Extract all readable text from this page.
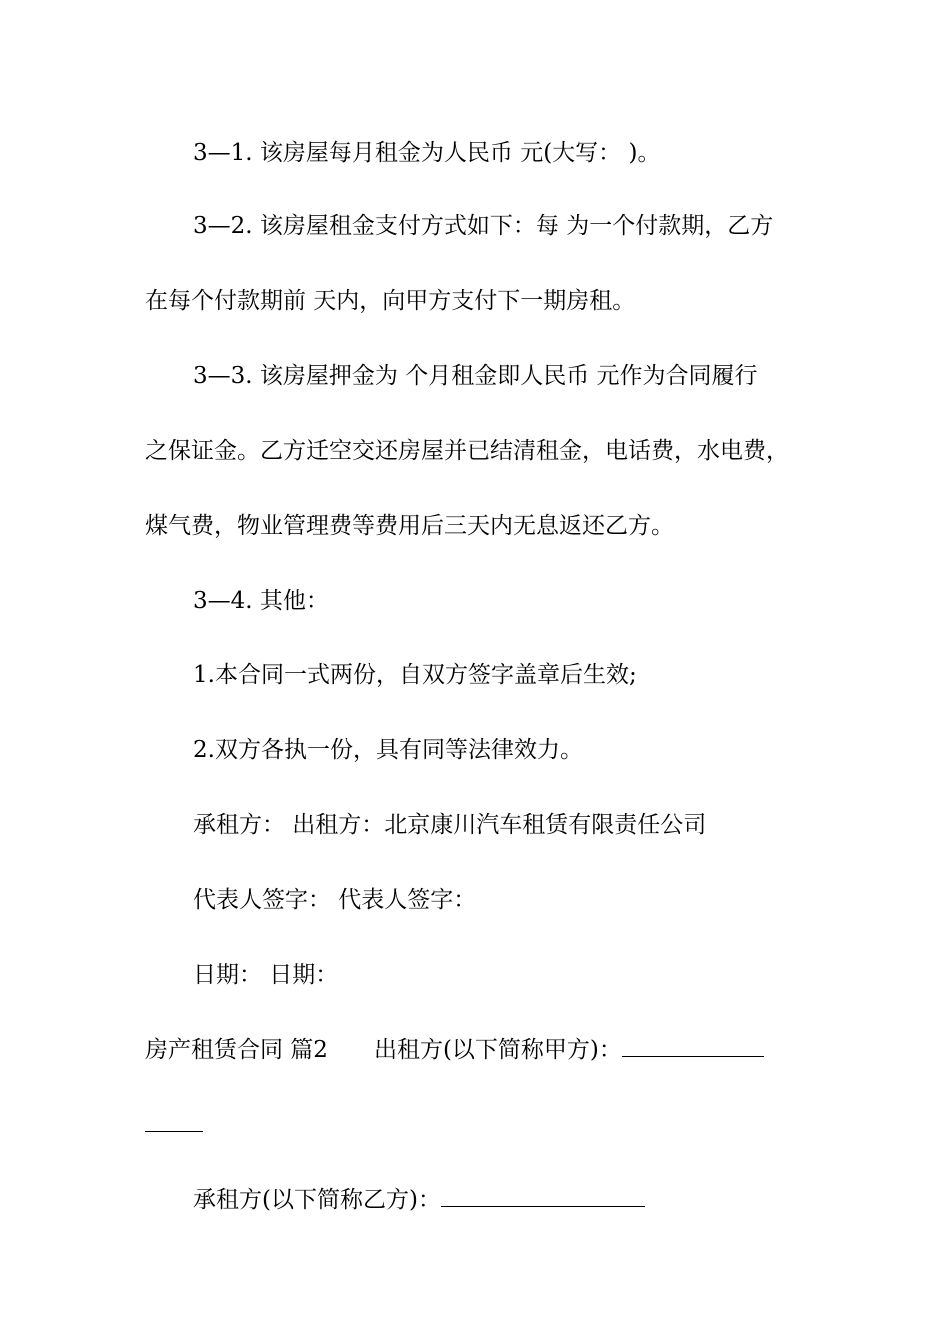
3—1. 该房屋每月租金为人民币 元(大写： )。
3—2. 该房屋租金支付方式如下：每 为一个付款期，乙方
在每个付款期前 天内，向甲方支付下一期房租。
3—3. 该房屋押金为 个月租金即人民币 元作为合同履行
之保证金。乙方迁空交还房屋并已结清租金，电话费，水电费，
煤气费，物业管理费等费用后三天内无息返还乙方。
3—4. 其他：
1.本合同一式两份，自双方签字盖章后生效;
2.双方各执一份，具有同等法律效力。
承租方： 出租方：北京康川汽车租赁有限责任公司
代表人签字： 代表人签字：
日期： 日期：
房产租赁合同 篇2 出租方(以下简称甲方)：
承租方(以下简称乙方)：
